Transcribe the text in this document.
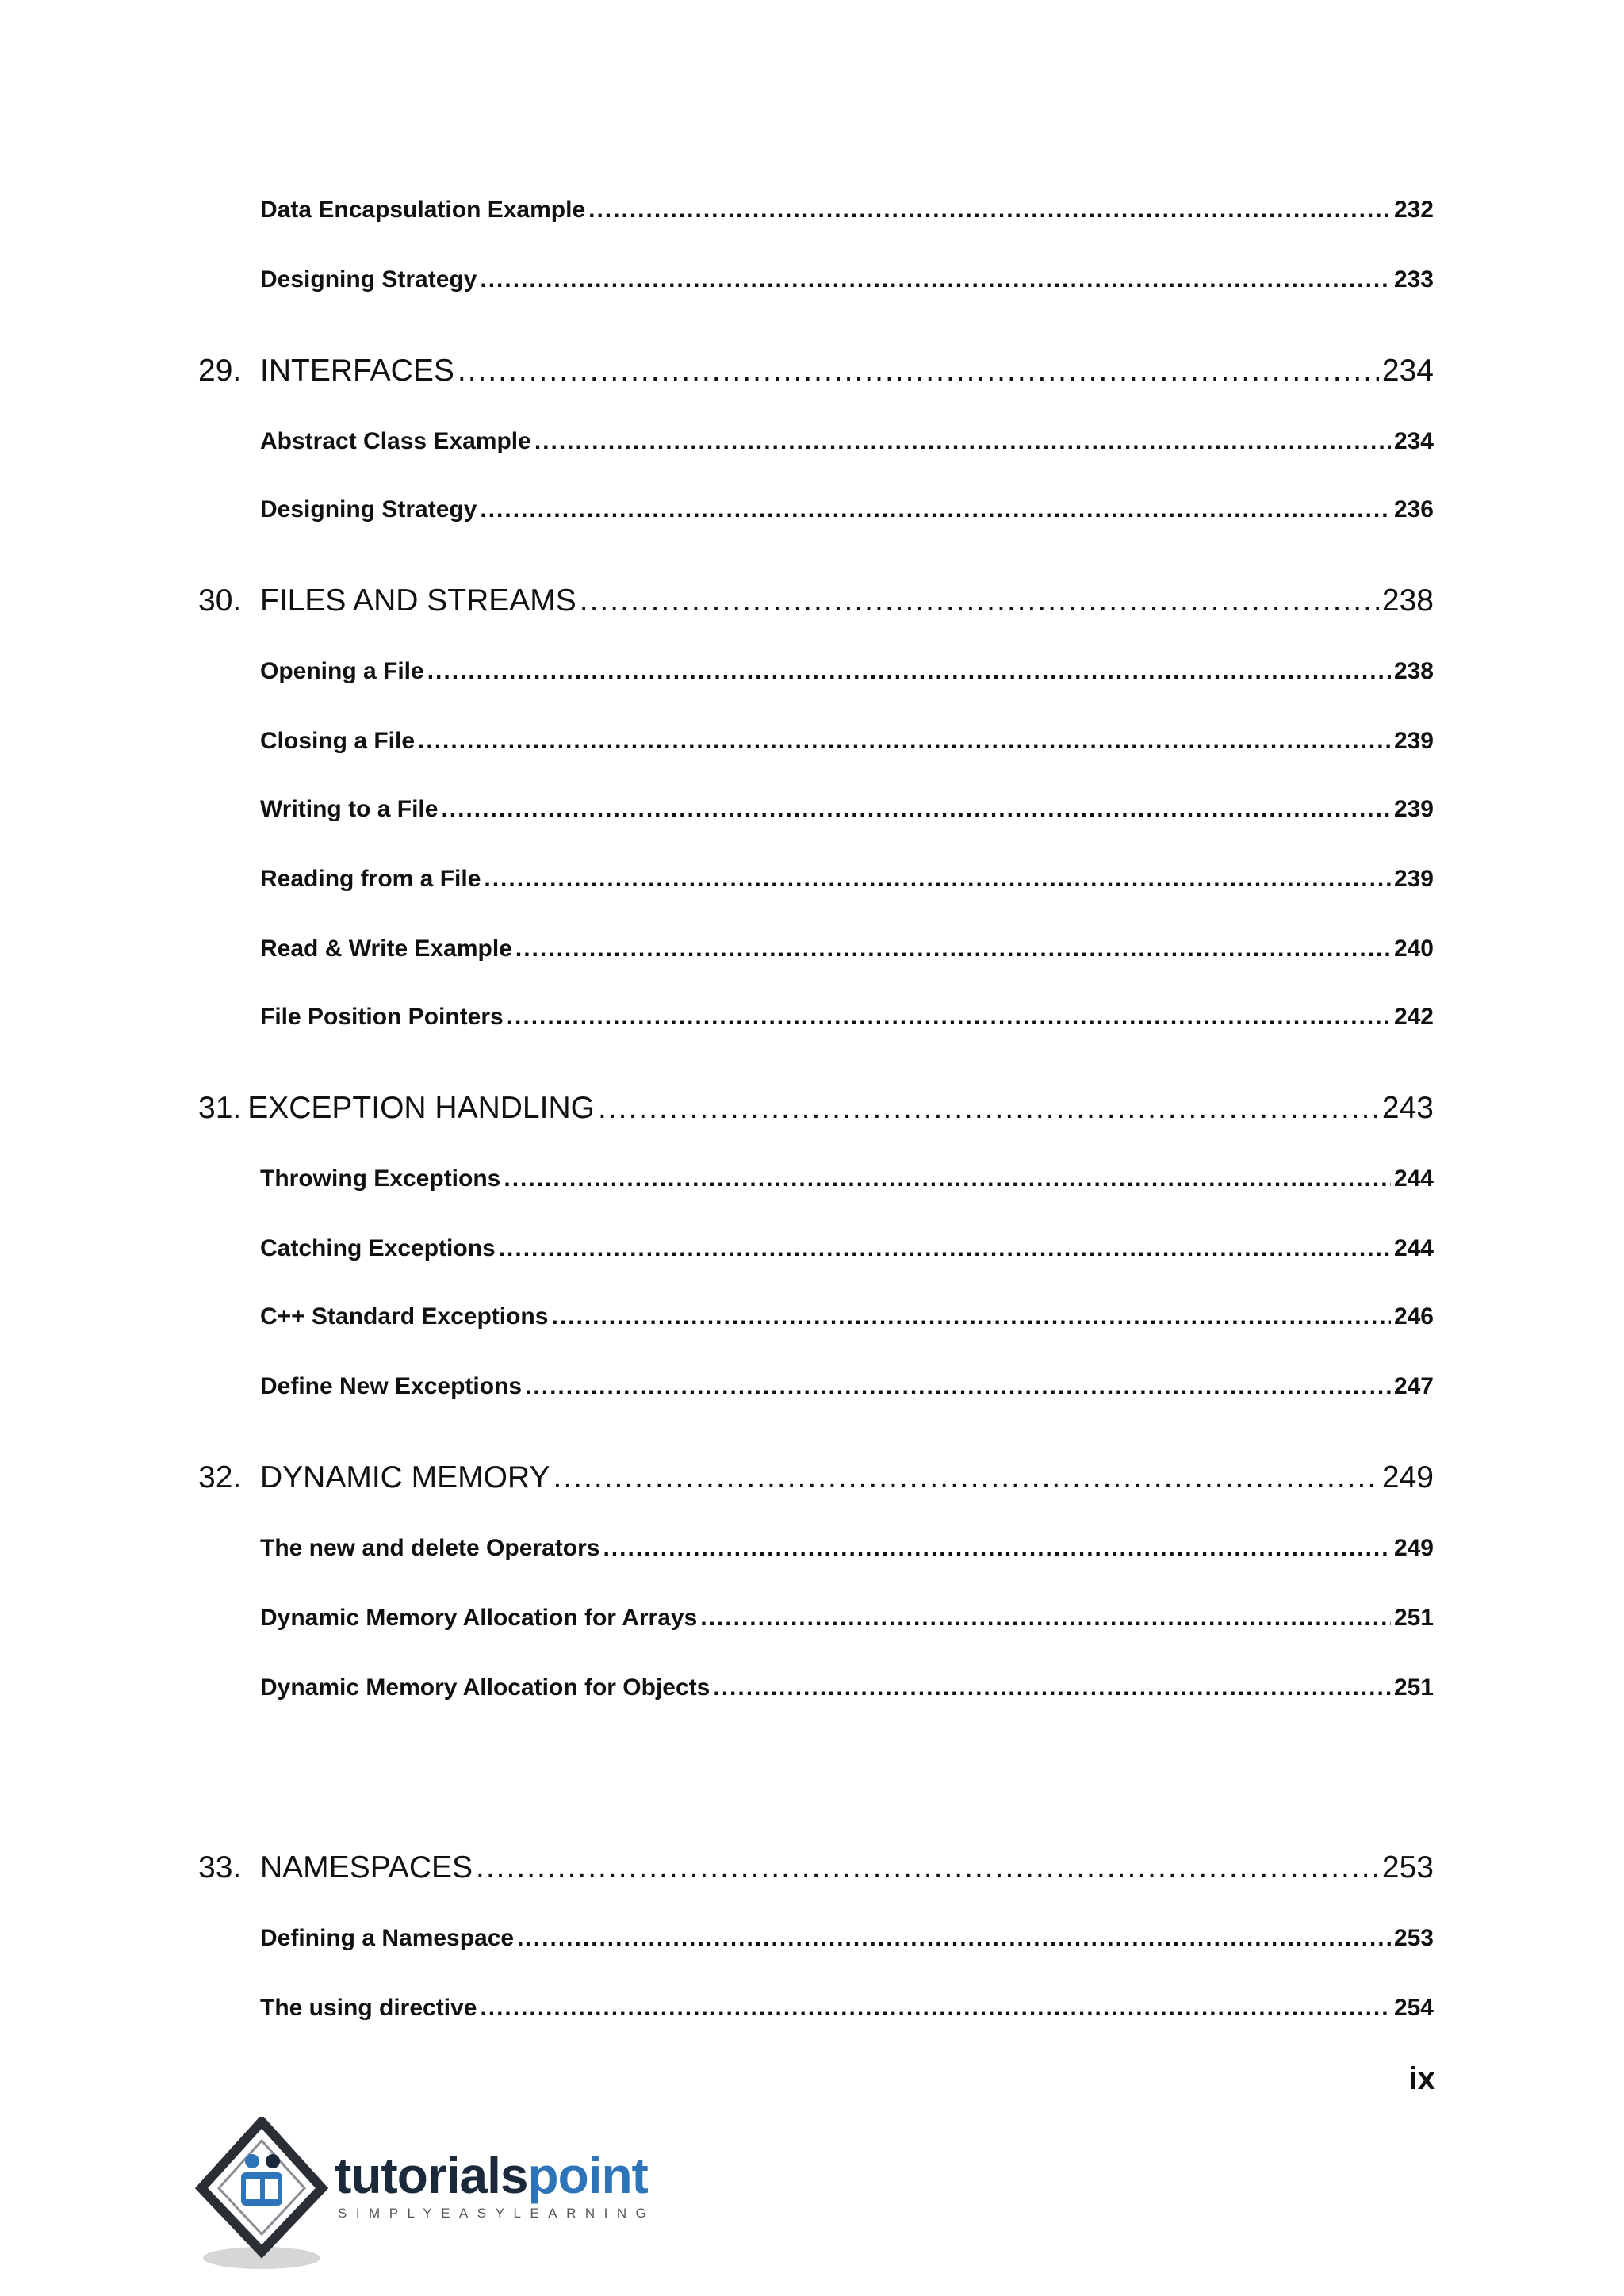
Data Encapsulation Example .....	232
Designing Strategy .....	233
29. INTERFACES .....	234
Abstract Class Example .....	234
Designing Strategy .....	236
30. FILES AND STREAMS .....	238
Opening a File .....	238
Closing a File .....	239
Writing to a File .....	239
Reading from a File .....	239
Read & Write Example .....	240
File Position Pointers .....	242
31. EXCEPTION HANDLING .....	243
Throwing Exceptions .....	244
Catching Exceptions .....	244
C++ Standard Exceptions .....	246
Define New Exceptions .....	247
32. DYNAMIC MEMORY .....	249
The new and delete Operators .....	249
Dynamic Memory Allocation for Arrays .....	251
Dynamic Memory Allocation for Objects .....	251
33. NAMESPACES .....	253
Defining a Namespace .....	253
The using directive .....	254
ix
tutorialspoint
SIMPLYEASYLEARNING
